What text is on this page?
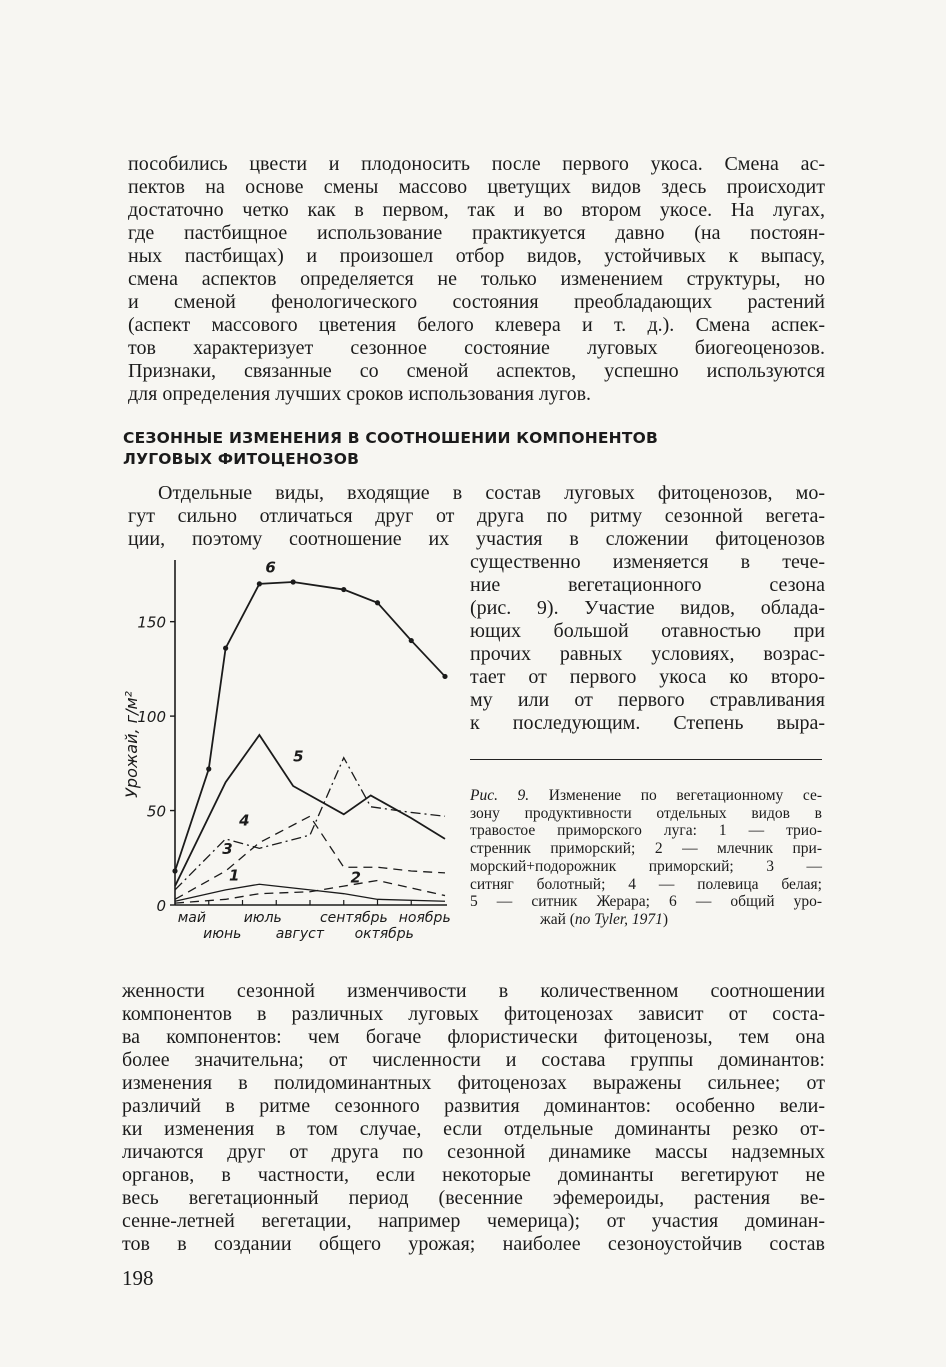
пособились цвести и плодоносить после первого укоса. Смена ас-
пектов на основе смены массово цветущих видов здесь происходит
достаточно четко как в первом, так и во втором укосе. На лугах,
где пастбищное использование практикуется давно (на постоян-
ных пастбищах) и произошел отбор видов, устойчивых к выпасу,
смена аспектов определяется не только изменением структуры, но
и сменой фенологического состояния преобладающих растений
(аспект массового цветения белого клевера и т. д.). Смена аспек-
тов характеризует сезонное состояние луговых биогеоценозов.
Признаки, связанные со сменой аспектов, успешно используются
для определения лучших сроков использования лугов.
СЕЗОННЫЕ ИЗМЕНЕНИЯ В СООТНОШЕНИИ КОМПОНЕНТОВ
ЛУГОВЫХ ФИТОЦЕНОЗОВ
Отдельные виды, входящие в состав луговых фитоценозов, мо-
гут сильно отличаться друг от друга по ритму сезонной вегета-
ции, поэтому соотношение их участия в сложении фитоценозов
существенно изменяется в тече-
ние вегетационного сезона
(рис. 9). Участие видов, облада-
ющих большой отавностью при
прочих равных условиях, возрас-
тает от первого укоса ко второ-
му или от первого стравливания
к последующим. Степень выра-
0
50
100
150
май
июнь
июль
август
сентябрь
октябрь
ноябрь
Урожай, г/м²
6
5
4
3
2
1
Рис. 9. Изменение по вегетационному се-
зону продуктивности отдельных видов в
травостое приморского луга: 1 — трио-
стренник приморский; 2 — млечник при-
морский+подорожник приморский; 3 —
ситняг болотный; 4 — полевица белая;
5 — ситник Жерара; 6 — общий уро-
жай (по Tyler, 1971)
женности сезонной изменчивости в количественном соотношении
компонентов в различных луговых фитоценозах зависит от соста-
ва компонентов: чем богаче флористически фитоценозы, тем она
более значительна; от численности и состава группы доминантов:
изменения в полидоминантных фитоценозах выражены сильнее; от
различий в ритме сезонного развития доминантов: особенно вели-
ки изменения в том случае, если отдельные доминанты резко от-
личаются друг от друга по сезонной динамике массы надземных
органов, в частности, если некоторые доминанты вегетируют не
весь вегетационный период (весенние эфемероиды, растения ве-
сенне-летней вегетации, например чемерица); от участия доминан-
тов в создании общего урожая; наиболее сезоноустойчив состав
198
